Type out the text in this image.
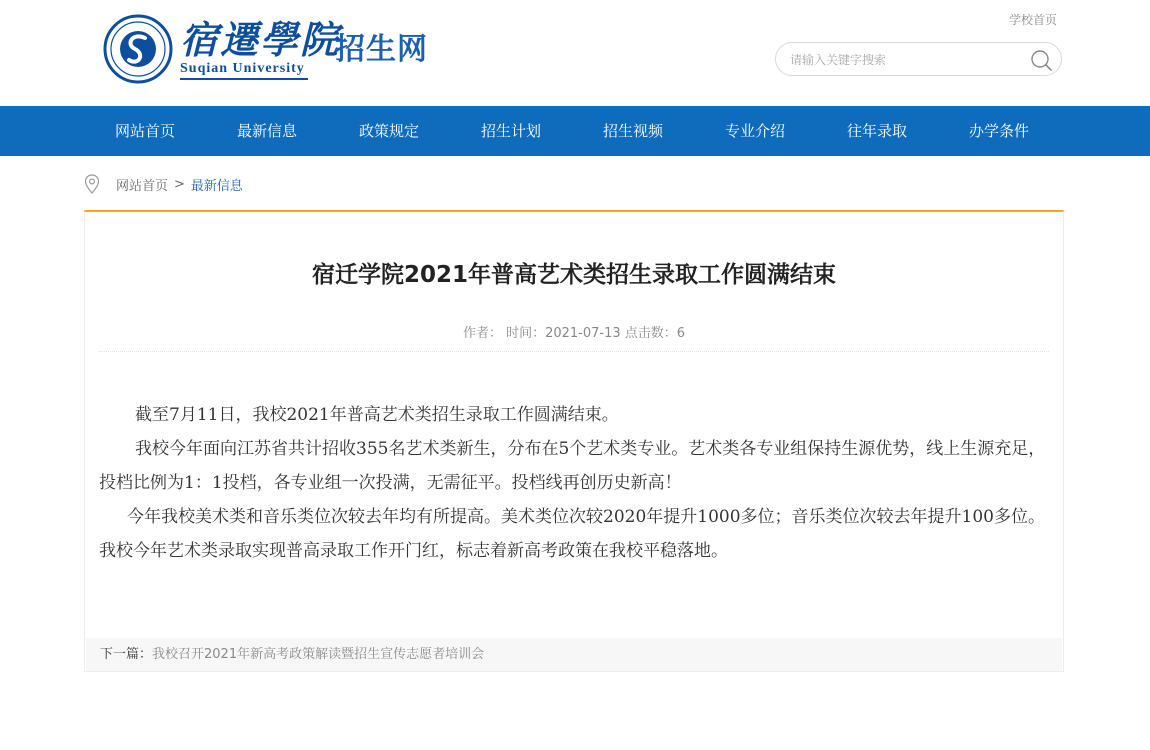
宿遷學院
Suqian University
招生网
学校首页
请输入关键字搜索
网站首页	最新信息	政策规定	招生计划	招生视频	专业介绍	往年录取	办学条件
网站首页 > 最新信息
宿迁学院2021年普高艺术类招生录取工作圆满结束
作者： 时间：2021-07-13 点击数：6

截至7月11日，我校2021年普高艺术类招生录取工作圆满结束。

我校今年面向江苏省共计招收355名艺术类新生，分布在5个艺术类专业。艺术类各专业组保持生源优势，线上生源充足，投档比例为1：1投档，各专业组一次投满，无需征平。投档线再创历史新高！

今年我校美术类和音乐类位次较去年均有所提高。美术类位次较2020年提升1000多位；音乐类位次较去年提升100多位。我校今年艺术类录取实现普高录取工作开门红，标志着新高考政策在我校平稳落地。

下一篇：我校召开2021年新高考政策解读暨招生宣传志愿者培训会
